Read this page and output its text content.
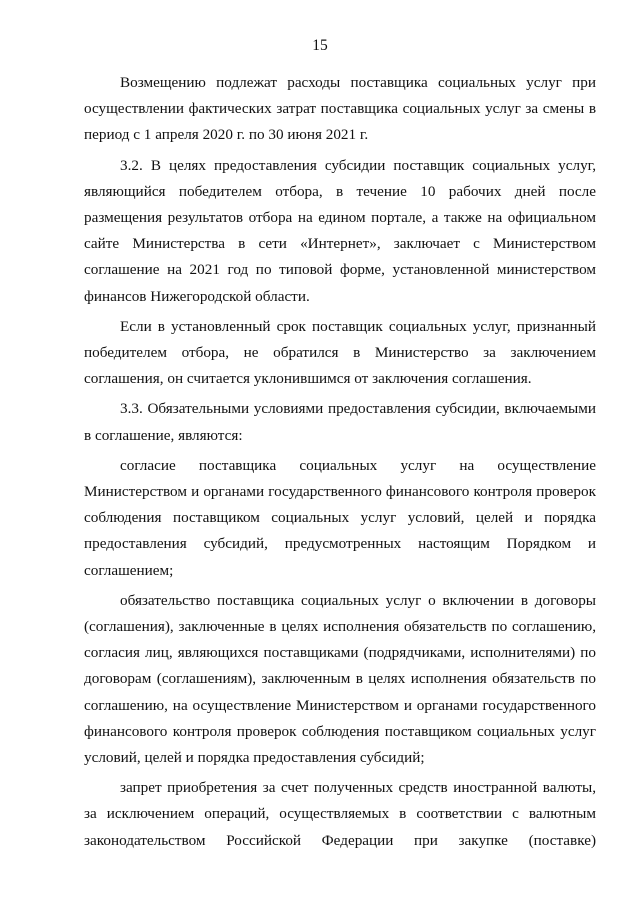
15

Возмещению подлежат расходы поставщика социальных услуг при осуществлении фактических затрат поставщика социальных услуг за смены в период с 1 апреля 2020 г. по 30 июня 2021 г.

3.2. В целях предоставления субсидии поставщик социальных услуг, являющийся победителем отбора, в течение 10 рабочих дней после размещения результатов отбора на едином портале, а также на официальном сайте Министерства в сети «Интернет», заключает с Министерством соглашение на 2021 год по типовой форме, установленной министерством финансов Нижегородской области.

Если в установленный срок поставщик социальных услуг, признанный победителем отбора, не обратился в Министерство за заключением соглашения, он считается уклонившимся от заключения соглашения.

3.3. Обязательными условиями предоставления субсидии, включаемыми в соглашение, являются:

согласие поставщика социальных услуг на осуществление Министерством и органами государственного финансового контроля проверок соблюдения поставщиком социальных услуг условий, целей и порядка предоставления субсидий, предусмотренных настоящим Порядком и соглашением;

обязательство поставщика социальных услуг о включении в договоры (соглашения), заключенные в целях исполнения обязательств по соглашению, согласия лиц, являющихся поставщиками (подрядчиками, исполнителями) по договорам (соглашениям), заключенным в целях исполнения обязательств по соглашению, на осуществление Министерством и органами государственного финансового контроля проверок соблюдения поставщиком социальных услуг условий, целей и порядка предоставления субсидий;

запрет приобретения за счет полученных средств иностранной валюты, за исключением операций, осуществляемых в соответствии с валютным законодательством Российской Федерации при закупке (поставке)
